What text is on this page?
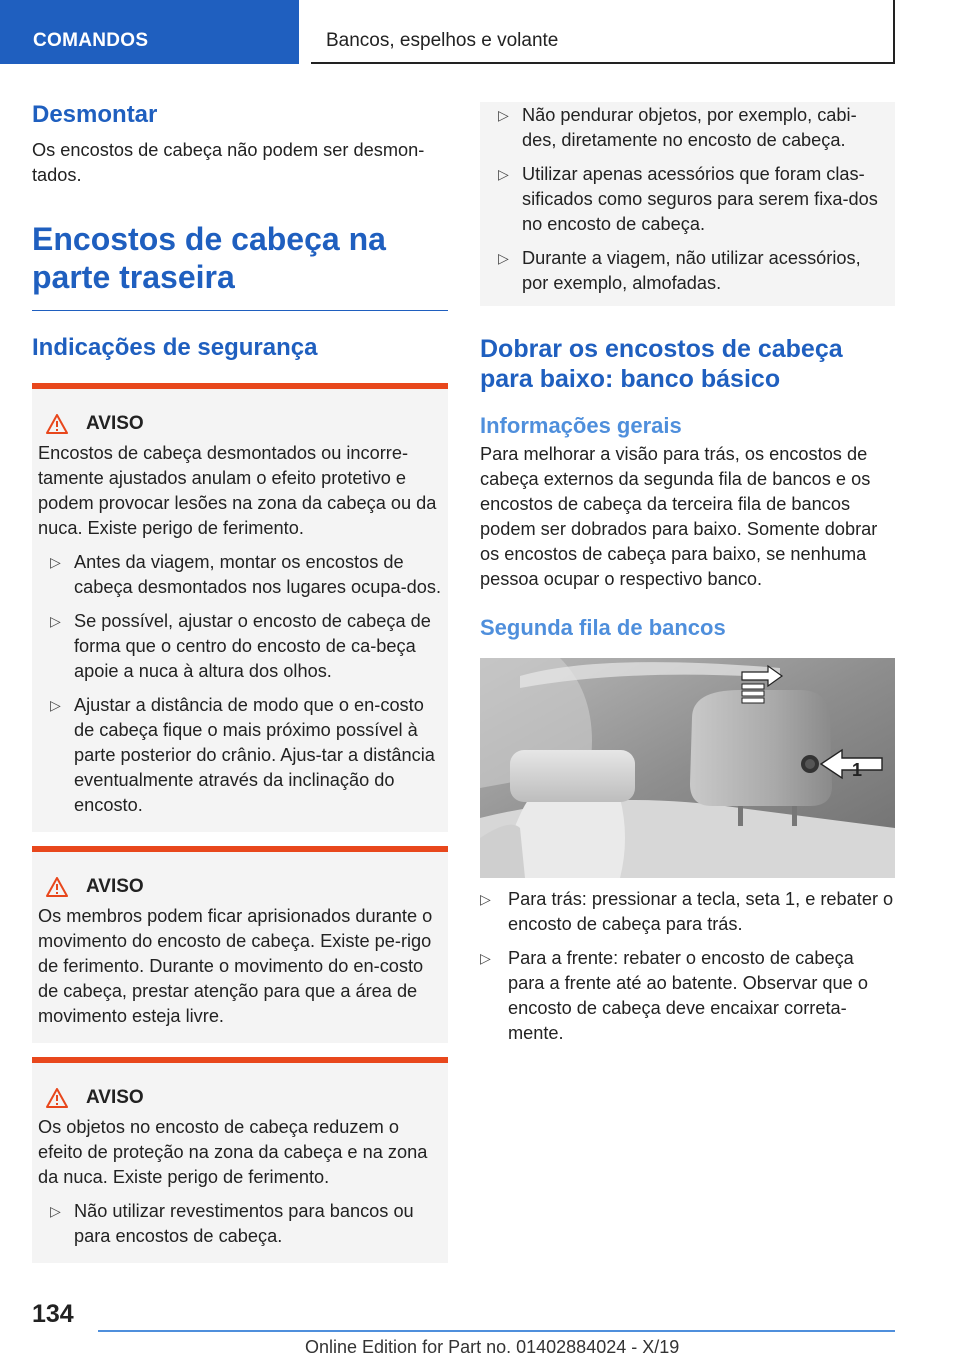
COMANDOS	Bancos, espelhos e volante
Desmontar
Os encostos de cabeça não podem ser desmon-tados.
Encostos de cabeça na parte traseira
Indicações de segurança
AVISO
Encostos de cabeça desmontados ou incorre-tamente ajustados anulam o efeito protetivo e podem provocar lesões na zona da cabeça ou da nuca. Existe perigo de ferimento.
▷ Antes da viagem, montar os encostos de cabeça desmontados nos lugares ocupa-dos.
▷ Se possível, ajustar o encosto de cabeça de forma que o centro do encosto de ca-beça apoie a nuca à altura dos olhos.
▷ Ajustar a distância de modo que o en-costo de cabeça fique o mais próximo possível à parte posterior do crânio. Ajus-tar a distância eventualmente através da inclinação do encosto.
AVISO
Os membros podem ficar aprisionados durante o movimento do encosto de cabeça. Existe pe-rigo de ferimento. Durante o movimento do en-costo de cabeça, prestar atenção para que a área de movimento esteja livre.
AVISO
Os objetos no encosto de cabeça reduzem o efeito de proteção na zona da cabeça e na zona da nuca. Existe perigo de ferimento.
▷ Não utilizar revestimentos para bancos ou para encostos de cabeça.
▷ Não pendurar objetos, por exemplo, cabi-des, diretamente no encosto de cabeça.
▷ Utilizar apenas acessórios que foram clas-sificados como seguros para serem fixa-dos no encosto de cabeça.
▷ Durante a viagem, não utilizar acessórios, por exemplo, almofadas.
Dobrar os encostos de cabeça para baixo: banco básico
Informações gerais
Para melhorar a visão para trás, os encostos de cabeça externos da segunda fila de bancos e os encostos de cabeça da terceira fila de bancos podem ser dobrados para baixo. Somente dobrar os encostos de cabeça para baixo, se nenhuma pessoa ocupar o respectivo banco.
Segunda fila de bancos
1
▷ Para trás: pressionar a tecla, seta 1, e rebater o encosto de cabeça para trás.
▷ Para a frente: rebater o encosto de cabeça para a frente até ao batente. Observar que o encosto de cabeça deve encaixar correta-mente.
134
Online Edition for Part no. 01402884024 - X/19
